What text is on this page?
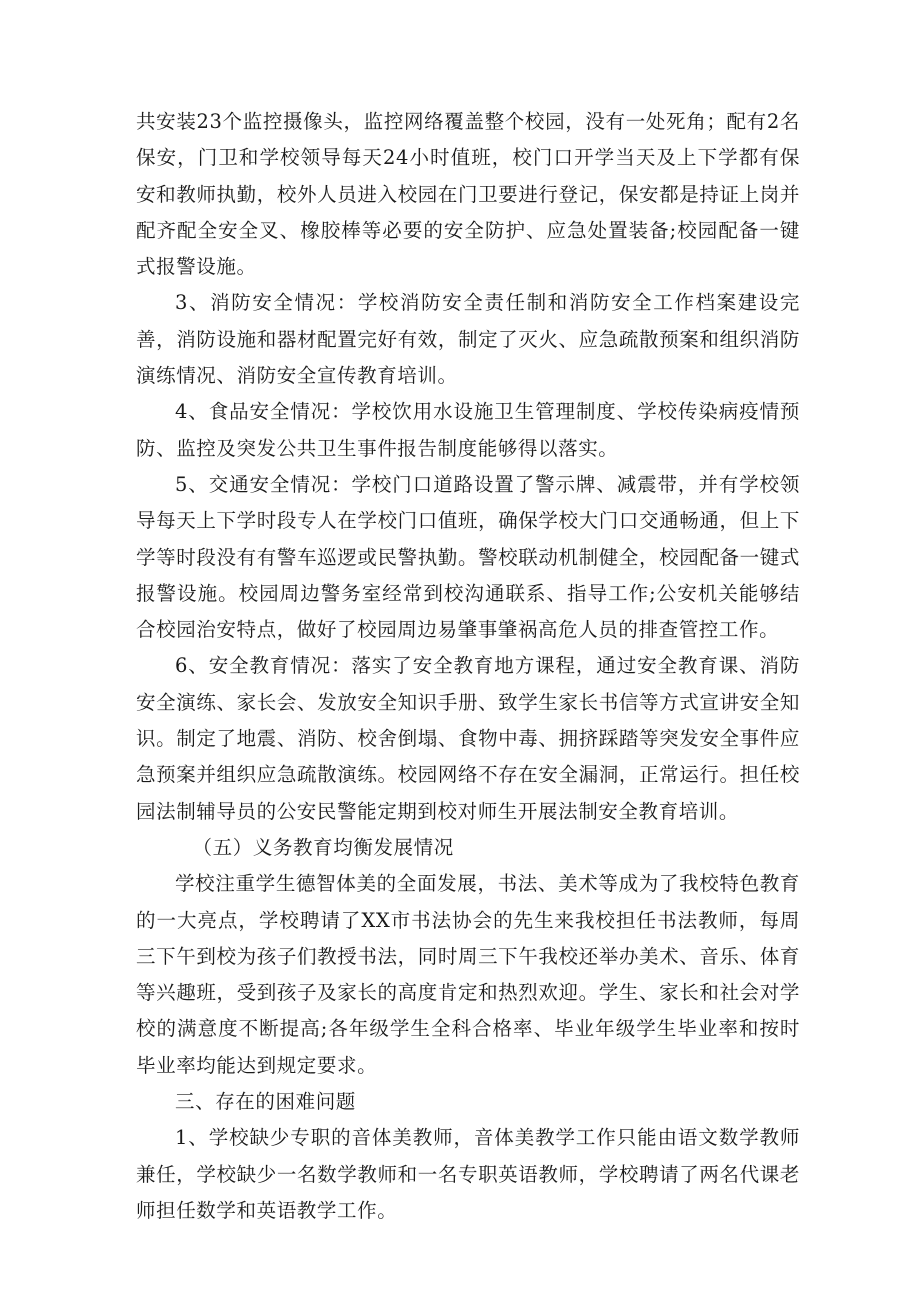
共安装23个监控摄像头，监控网络覆盖整个校园，没有一处死角；配有2名保安，门卫和学校领导每天24小时值班，校门口开学当天及上下学都有保安和教师执勤，校外人员进入校园在门卫要进行登记，保安都是持证上岗并配齐配全安全叉、橡胶棒等必要的安全防护、应急处置装备;校园配备一键式报警设施。

3、消防安全情况：学校消防安全责任制和消防安全工作档案建设完善，消防设施和器材配置完好有效，制定了灭火、应急疏散预案和组织消防演练情况、消防安全宣传教育培训。

4、食品安全情况：学校饮用水设施卫生管理制度、学校传染病疫情预防、监控及突发公共卫生事件报告制度能够得以落实。

5、交通安全情况：学校门口道路设置了警示牌、减震带，并有学校领导每天上下学时段专人在学校门口值班，确保学校大门口交通畅通，但上下学等时段没有有警车巡逻或民警执勤。警校联动机制健全，校园配备一键式报警设施。校园周边警务室经常到校沟通联系、指导工作;公安机关能够结合校园治安特点，做好了校园周边易肇事肇祸高危人员的排查管控工作。

6、安全教育情况：落实了安全教育地方课程，通过安全教育课、消防安全演练、家长会、发放安全知识手册、致学生家长书信等方式宣讲安全知识。制定了地震、消防、校舍倒塌、食物中毒、拥挤踩踏等突发安全事件应急预案并组织应急疏散演练。校园网络不存在安全漏洞，正常运行。担任校园法制辅导员的公安民警能定期到校对师生开展法制安全教育培训。

（五）义务教育均衡发展情况

学校注重学生德智体美的全面发展，书法、美术等成为了我校特色教育的一大亮点，学校聘请了XX市书法协会的先生来我校担任书法教师，每周三下午到校为孩子们教授书法，同时周三下午我校还举办美术、音乐、体育等兴趣班，受到孩子及家长的高度肯定和热烈欢迎。学生、家长和社会对学校的满意度不断提高;各年级学生全科合格率、毕业年级学生毕业率和按时毕业率均能达到规定要求。

三、存在的困难问题

1、学校缺少专职的音体美教师，音体美教学工作只能由语文数学教师兼任，学校缺少一名数学教师和一名专职英语教师，学校聘请了两名代课老师担任数学和英语教学工作。
